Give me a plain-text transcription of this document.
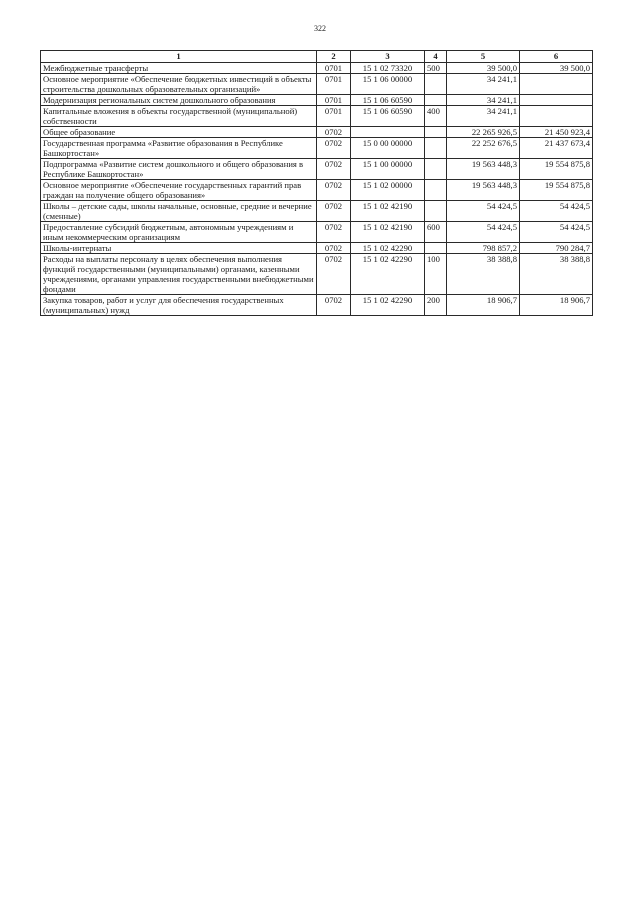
322
1	2	3	4	5	6
Межбюджетные трансферты	0701	15 1 02 73320	500	39 500,0	39 500,0
Основное мероприятие «Обеспечение бюджетных инвестиций в объекты строительства дошкольных образовательных организаций»	0701	15 1 06 00000		34 241,1	
Модернизация региональных систем дошкольного образования	0701	15 1 06 60590		34 241,1	
Капитальные вложения в объекты государственной (муниципальной) собственности	0701	15 1 06 60590	400	34 241,1	
Общее образование	0702			22 265 926,5	21 450 923,4
Государственная программа «Развитие образования в Республике Башкортостан»	0702	15 0 00 00000		22 252 676,5	21 437 673,4
Подпрограмма «Развитие систем дошкольного и общего образования в Республике Башкортостан»	0702	15 1 00 00000		19 563 448,3	19 554 875,8
Основное мероприятие «Обеспечение государственных гарантий прав граждан на получение общего образования»	0702	15 1 02 00000		19 563 448,3	19 554 875,8
Школы – детские сады, школы начальные, основные, средние и вечерние (сменные)	0702	15 1 02 42190		54 424,5	54 424,5
Предоставление субсидий бюджетным, автономным учреждениям и иным некоммерческим организациям	0702	15 1 02 42190	600	54 424,5	54 424,5
Школы-интернаты	0702	15 1 02 42290		798 857,2	790 284,7
Расходы на выплаты персоналу в целях обеспечения выполнения функций государственными (муниципальными) органами, казенными учреждениями, органами управления государственными внебюджетными фондами	0702	15 1 02 42290	100	38 388,8	38 388,8
Закупка товаров, работ и услуг для обеспечения государственных (муниципальных) нужд	0702	15 1 02 42290	200	18 906,7	18 906,7
